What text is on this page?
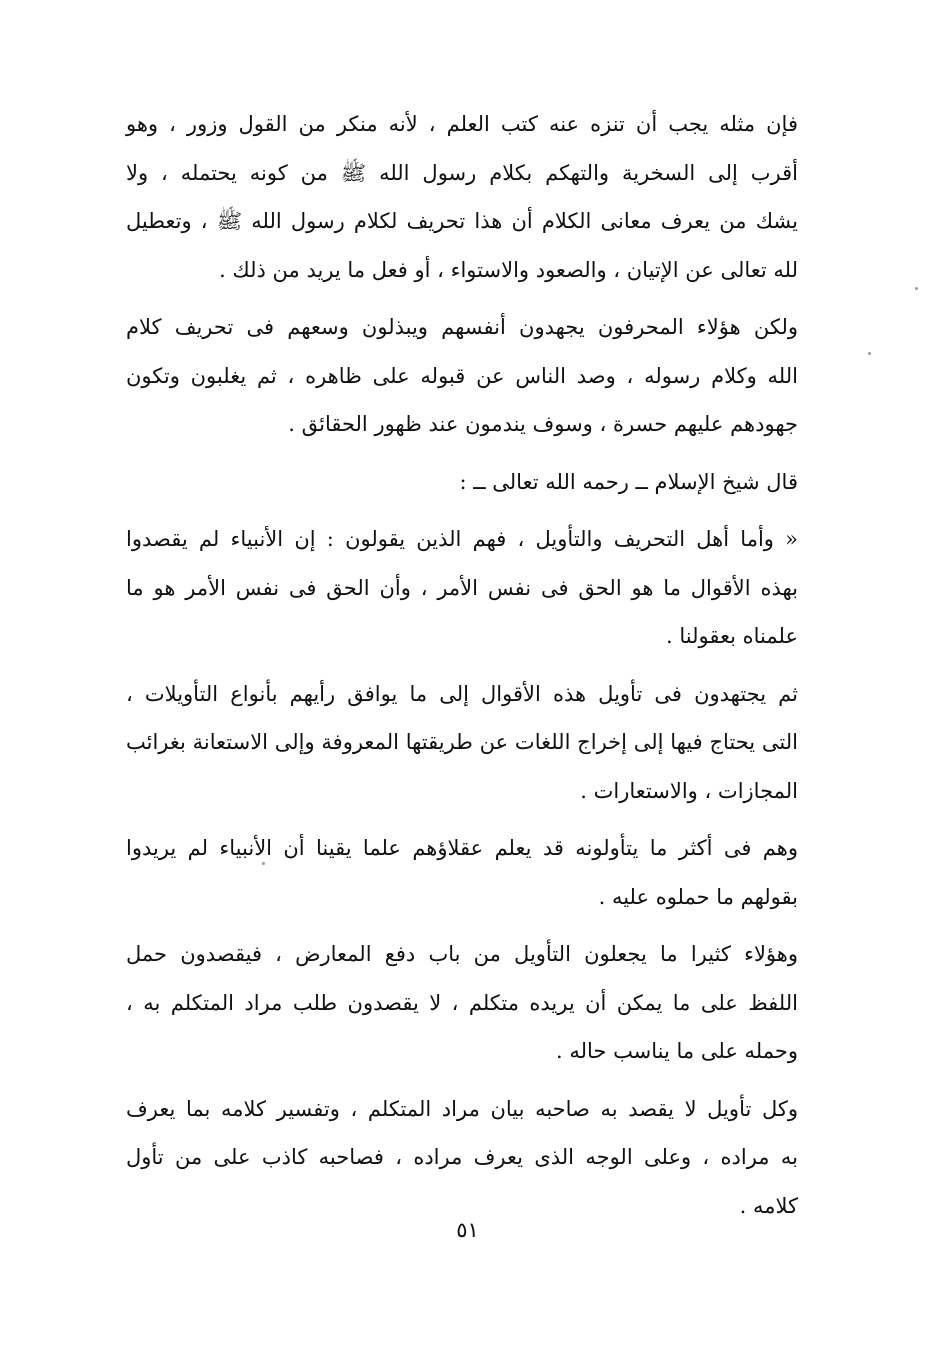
فإن مثله يجب أن تنزه عنه كتب العلم ، لأنه منكر من القول وزور ، وهو
أقرب إلى السخرية والتهكم بكلام رسول الله ﷺ من كونه يحتمله ، ولا
يشك من يعرف معانى الكلام أن هذا تحريف لكلام رسول الله ﷺ ، وتعطيل
لله تعالى عن الإتيان ، والصعود والاستواء ، أو فعل ما يريد من ذلك .

ولكن هؤلاء المحرفون يجهدون أنفسهم ويبذلون وسعهم فى تحريف كلام
الله وكلام رسوله ، وصد الناس عن قبوله على ظاهره ، ثم يغلبون وتكون
جهودهم عليهم حسرة ، وسوف يندمون عند ظهور الحقائق .

قال شيخ الإسلام ــ رحمه الله تعالى ــ :

« وأما أهل التحريف والتأويل ، فهم الذين يقولون : إن الأنبياء لم يقصدوا
بهذه الأقوال ما هو الحق فى نفس الأمر ، وأن الحق فى نفس الأمر هو ما
علمناه بعقولنا .

ثم يجتهدون فى تأويل هذه الأقوال إلى ما يوافق رأيهم بأنواع التأويلات ،
التى يحتاج فيها إلى إخراج اللغات عن طريقتها المعروفة وإلى الاستعانة بغرائب
المجازات ، والاستعارات .

وهم فى أكثر ما يتأولونه قد يعلم عقلاؤهم علما يقينا أن الأنبياء لم يريدوا
بقولهم ما حملوه عليه .

وهؤلاء كثيرا ما يجعلون التأويل من باب دفع المعارض ، فيقصدون حمل
اللفظ على ما يمكن أن يريده متكلم ، لا يقصدون طلب مراد المتكلم به ،
وحمله على ما يناسب حاله .

وكل تأويل لا يقصد به صاحبه بيان مراد المتكلم ، وتفسير كلامه بما يعرف
به مراده ، وعلى الوجه الذى يعرف مراده ، فصاحبه كاذب على من تأول
كلامه .

٥١
